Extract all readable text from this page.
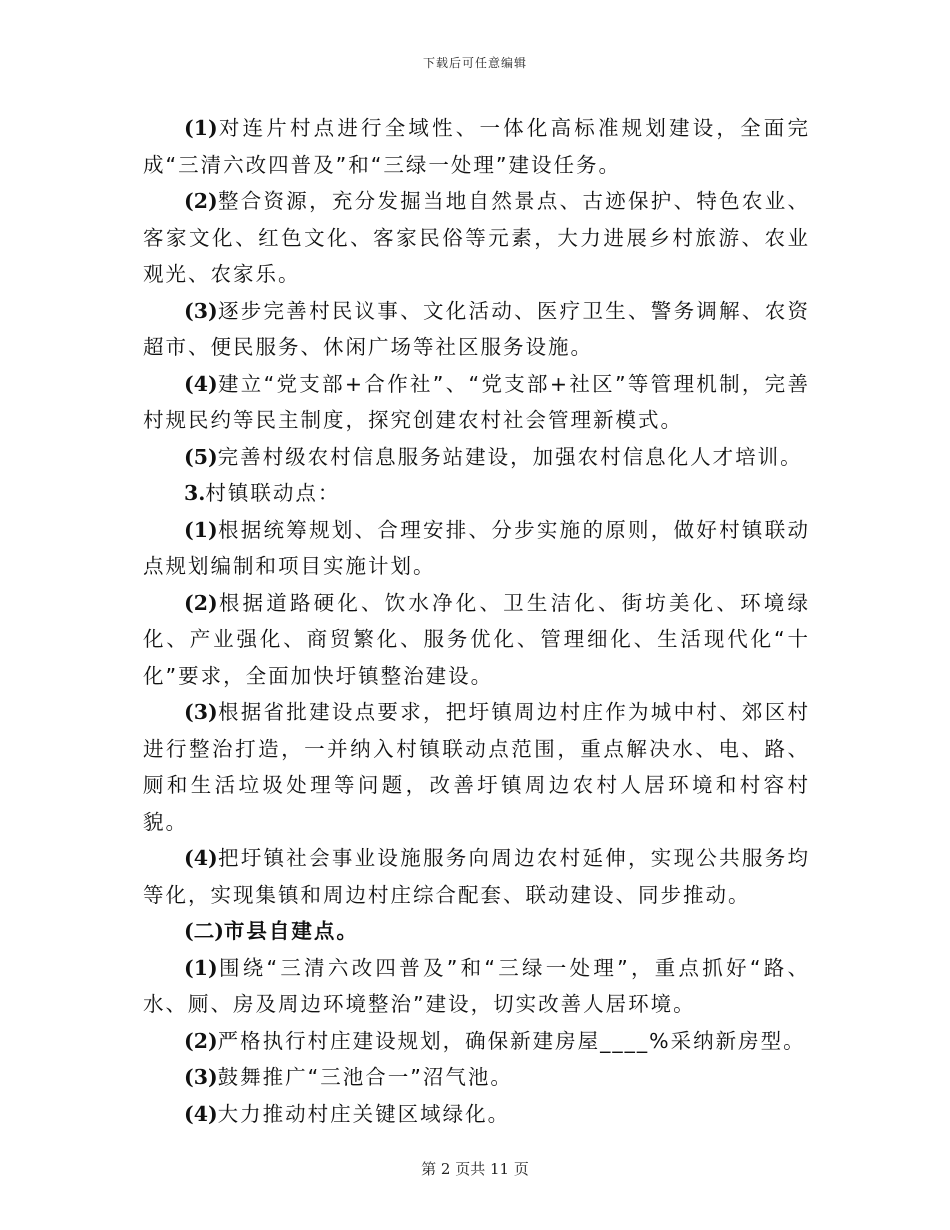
下载后可任意编辑

(1)对连片村点进行全域性、一体化高标准规划建设，全面完成“三清六改四普及”和“三绿一处理”建设任务。

(2)整合资源，充分发掘当地自然景点、古迹保护、特色农业、客家文化、红色文化、客家民俗等元素，大力进展乡村旅游、农业观光、农家乐。

(3)逐步完善村民议事、文化活动、医疗卫生、警务调解、农资超市、便民服务、休闲广场等社区服务设施。

(4)建立“党支部+合作社”、“党支部+社区”等管理机制，完善村规民约等民主制度，探究创建农村社会管理新模式。

(5)完善村级农村信息服务站建设，加强农村信息化人才培训。

3.村镇联动点：

(1)根据统筹规划、合理安排、分步实施的原则，做好村镇联动点规划编制和项目实施计划。

(2)根据道路硬化、饮水净化、卫生洁化、街坊美化、环境绿化、产业强化、商贸繁化、服务优化、管理细化、生活现代化“十化”要求，全面加快圩镇整治建设。

(3)根据省批建设点要求，把圩镇周边村庄作为城中村、郊区村进行整治打造，一并纳入村镇联动点范围，重点解决水、电、路、厕和生活垃圾处理等问题，改善圩镇周边农村人居环境和村容村貌。

(4)把圩镇社会事业设施服务向周边农村延伸，实现公共服务均等化，实现集镇和周边村庄综合配套、联动建设、同步推动。

(二)市县自建点。

(1)围绕“三清六改四普及”和“三绿一处理”，重点抓好“路、水、厕、房及周边环境整治”建设，切实改善人居环境。

(2)严格执行村庄建设规划，确保新建房屋____%采纳新房型。

(3)鼓舞推广“三池合一”沼气池。

(4)大力推动村庄关键区域绿化。

第 2 页共 11 页
